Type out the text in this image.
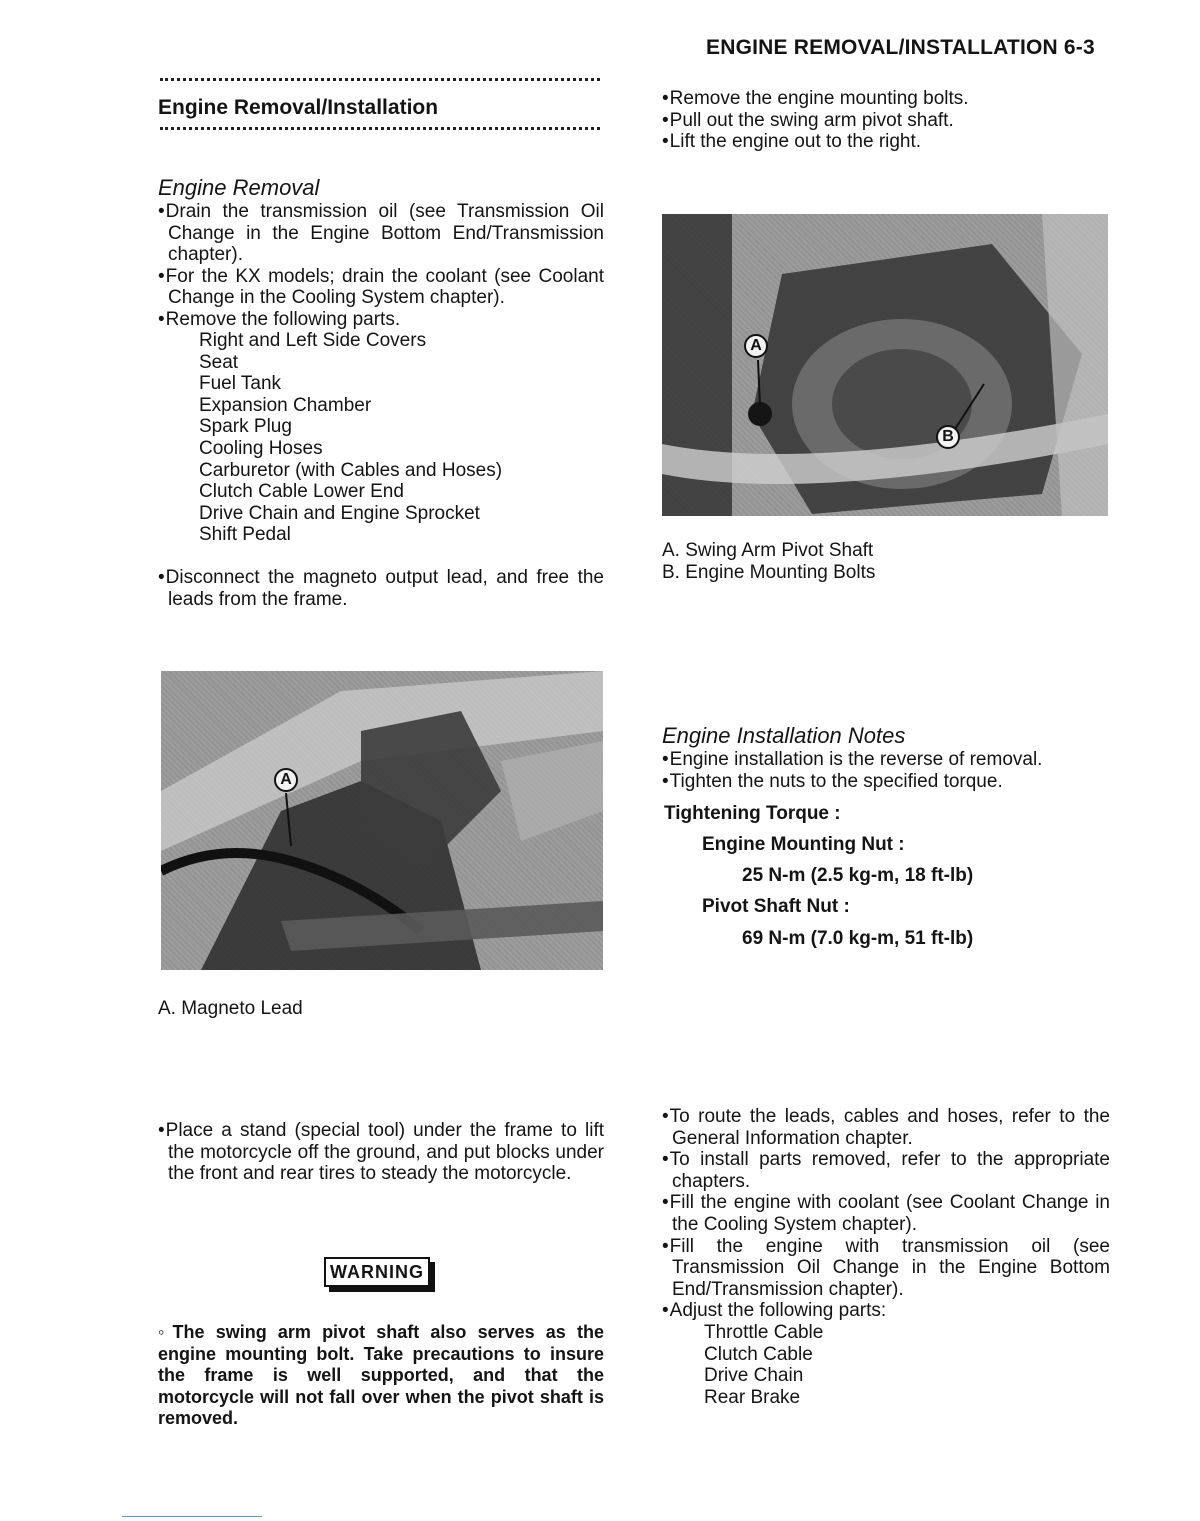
ENGINE REMOVAL/INSTALLATION 6-3
Engine Removal/Installation
Engine Removal
• Drain the transmission oil (see Transmission Oil Change in the Engine Bottom End/Transmission chapter).
• For the KX models; drain the coolant (see Coolant Change in the Cooling System chapter).
• Remove the following parts.
Right and Left Side Covers
Seat
Fuel Tank
Expansion Chamber
Spark Plug
Cooling Hoses
Carburetor (with Cables and Hoses)
Clutch Cable Lower End
Drive Chain and Engine Sprocket
Shift Pedal
• Disconnect the magneto output lead, and free the leads from the frame.
A
A. Magneto Lead
• Place a stand (special tool) under the frame to lift the motorcycle off the ground, and put blocks under the front and rear tires to steady the motorcycle.
WARNING
◦ The swing arm pivot shaft also serves as the engine mounting bolt. Take precautions to insure the frame is well supported, and that the motorcycle will not fall over when the pivot shaft is removed.
• Remove the engine mounting bolts.
• Pull out the swing arm pivot shaft.
• Lift the engine out to the right.
A
B
A. Swing Arm Pivot Shaft
B. Engine Mounting Bolts
Engine Installation Notes
• Engine installation is the reverse of removal.
• Tighten the nuts to the specified torque.
Tightening Torque :
Engine Mounting Nut :
25 N-m (2.5 kg-m, 18 ft-lb)
Pivot Shaft Nut :
69 N-m (7.0 kg-m, 51 ft-lb)
• To route the leads, cables and hoses, refer to the General Information chapter.
• To install parts removed, refer to the appropriate chapters.
• Fill the engine with coolant (see Coolant Change in the Cooling System chapter).
• Fill the engine with transmission oil (see Transmission Oil Change in the Engine Bottom End/Transmission chapter).
• Adjust the following parts:
Throttle Cable
Clutch Cable
Drive Chain
Rear Brake
